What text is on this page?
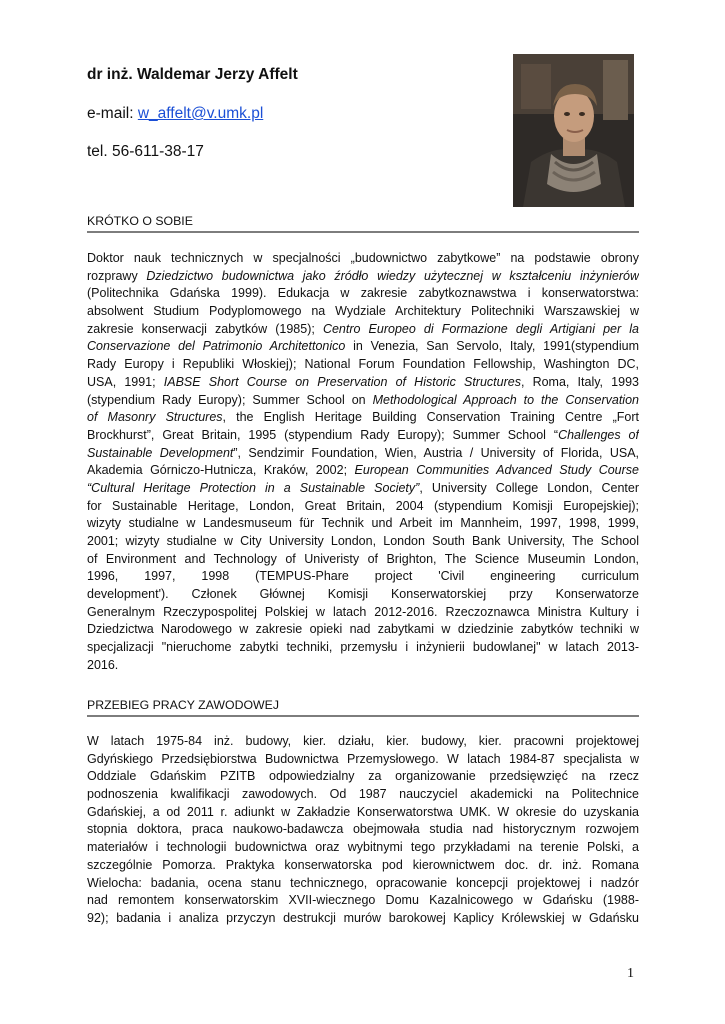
dr inż. Waldemar Jerzy Affelt
e-mail: w_affelt@v.umk.pl
tel. 56-611-38-17
KRÓTKO O SOBIE
Doktor nauk technicznych w specjalności „budownictwo zabytkowe” na podstawie obrony
rozprawy Dziedzictwo budownictwa jako źródło wiedzy użytecznej w kształceniu inżynierów
(Politechnika Gdańska 1999). Edukacja w zakresie zabytkoznawstwa i konserwatorstwa:
absolwent Studium Podyplomowego na Wydziale Architektury Politechniki Warszawskiej w
zakresie konserwacji zabytków (1985); Centro Europeo di Formazione degli Artigiani per la
Conservazione del Patrimonio Architettonico in Venezia, San Servolo, Italy, 1991(stypendium
Rady Europy i Republiki Włoskiej); National Forum Foundation Fellowship, Washington DC,
USA, 1991; IABSE Short Course on Preservation of Historic Structures, Roma, Italy, 1993
(stypendium Rady Europy); Summer School on Methodological Approach to the Conservation
of Masonry Structures, the English Heritage Building Conservation Training Centre „Fort
Brockhurst”, Great Britain, 1995 (stypendium Rady Europy); Summer School “Challenges of
Sustainable Development”, Sendzimir Foundation, Wien, Austria / University of Florida, USA,
Akademia Górniczo-Hutnicza, Kraków, 2002; European Communities Advanced Study Course
“Cultural Heritage Protection in a Sustainable Society”, University College London, Center
for Sustainable Heritage, London, Great Britain, 2004 (stypendium Komisji Europejskiej);
wizyty studialne w Landesmuseum für Technik und Arbeit im Mannheim, 1997, 1998, 1999,
2001; wizyty studialne w City University London, London South Bank University, The School
of Environment and Technology of Univeristy of Brighton, The Science Museumin London,
1996, 1997, 1998 (TEMPUS-Phare project 'Civil engineering curriculum
development'). Członek Głównej Komisji Konserwatorskiej przy Konserwatorze
Generalnym Rzeczypospolitej Polskiej w latach 2012-2016. Rzeczoznawca Ministra Kultury i
Dziedzictwa Narodowego w zakresie opieki nad zabytkami w dziedzinie zabytków techniki w
specjalizacji "nieruchome zabytki techniki, przemysłu i inżynierii budowlanej" w latach 2013-
2016.
PRZEBIEG PRACY ZAWODOWEJ
W latach 1975-84 inż. budowy, kier. działu, kier. budowy, kier. pracowni projektowej
Gdyńskiego Przedsiębiorstwa Budownictwa Przemysłowego. W latach 1984-87 specjalista w
Oddziale Gdańskim PZITB odpowiedzialny za organizowanie przedsięwzięć na rzecz
podnoszenia kwalifikacji zawodowych. Od 1987 nauczyciel akademicki na Politechnice
Gdańskiej, a od 2011 r. adiunkt w Zakładzie Konserwatorstwa UMK. W okresie do uzyskania
stopnia doktora, praca naukowo-badawcza obejmowała studia nad historycznym rozwojem
materiałów i technologii budownictwa oraz wybitnymi tego przykładami na terenie Polski, a
szczególnie Pomorza. Praktyka konserwatorska pod kierownictwem doc. dr. inż. Romana
Wielocha: badania, ocena stanu technicznego, opracowanie koncepcji projektowej i nadzór
nad remontem konserwatorskim XVII-wiecznego Domu Kazalnicowego w Gdańsku (1988-
92); badania i analiza przyczyn destrukcji murów barokowej Kaplicy Królewskiej w Gdańsku
1
